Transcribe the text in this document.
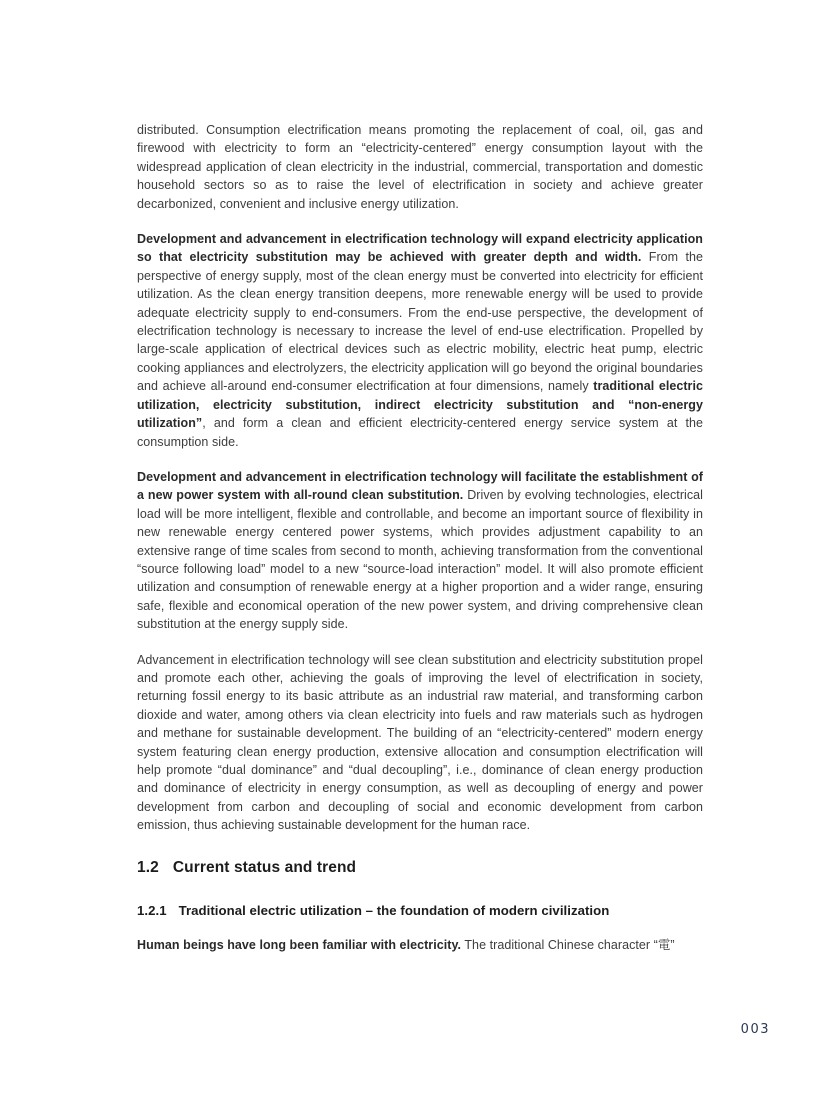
distributed. Consumption electrification means promoting the replacement of coal, oil, gas and firewood with electricity to form an “electricity-centered” energy consumption layout with the widespread application of clean electricity in the industrial, commercial, transportation and domestic household sectors so as to raise the level of electrification in society and achieve greater decarbonized, convenient and inclusive energy utilization.

Development and advancement in electrification technology will expand electricity application so that electricity substitution may be achieved with greater depth and width. From the perspective of energy supply, most of the clean energy must be converted into electricity for efficient utilization. As the clean energy transition deepens, more renewable energy will be used to provide adequate electricity supply to end-consumers. From the end-use perspective, the development of electrification technology is necessary to increase the level of end-use electrification. Propelled by large-scale application of electrical devices such as electric mobility, electric heat pump, electric cooking appliances and electrolyzers, the electricity application will go beyond the original boundaries and achieve all-around end-consumer electrification at four dimensions, namely traditional electric utilization, electricity substitution, indirect electricity substitution and “non-energy utilization”, and form a clean and efficient electricity-centered energy service system at the consumption side.

Development and advancement in electrification technology will facilitate the establishment of a new power system with all-round clean substitution. Driven by evolving technologies, electrical load will be more intelligent, flexible and controllable, and become an important source of flexibility in new renewable energy centered power systems, which provides adjustment capability to an extensive range of time scales from second to month, achieving transformation from the conventional “source following load” model to a new “source-load interaction” model. It will also promote efficient utilization and consumption of renewable energy at a higher proportion and a wider range, ensuring safe, flexible and economical operation of the new power system, and driving comprehensive clean substitution at the energy supply side.

Advancement in electrification technology will see clean substitution and electricity substitution propel and promote each other, achieving the goals of improving the level of electrification in society, returning fossil energy to its basic attribute as an industrial raw material, and transforming carbon dioxide and water, among others via clean electricity into fuels and raw materials such as hydrogen and methane for sustainable development. The building of an “electricity-centered” modern energy system featuring clean energy production, extensive allocation and consumption electrification will help promote “dual dominance” and “dual decoupling”, i.e., dominance of clean energy production and dominance of electricity in energy consumption, as well as decoupling of energy and power development from carbon and decoupling of social and economic development from carbon emission, thus achieving sustainable development for the human race.

1.2 Current status and trend
1.2.1 Traditional electric utilization – the foundation of modern civilization

Human beings have long been familiar with electricity. The traditional Chinese character “電”

003
